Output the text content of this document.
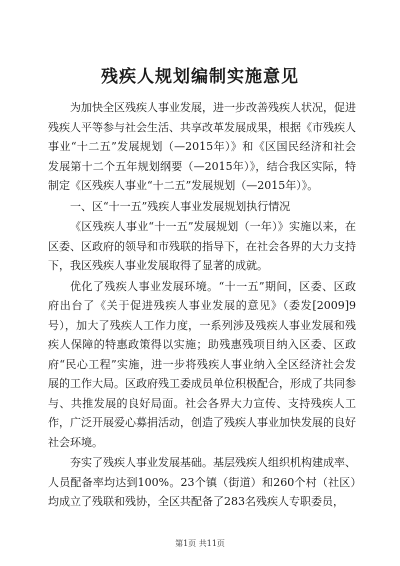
残疾人规划编制实施意见

为加快全区残疾人事业发展，进一步改善残疾人状况，促进残疾人平等参与社会生活、共享改革发展成果，根据《市残疾人事业“十二五”发展规划（—2015年）》和《区国民经济和社会发展第十二个五年规划纲要（—2015年）》，结合我区实际，特制定《区残疾人事业“十二五”发展规划（—2015年）》。

一、区“十一五”残疾人事业发展规划执行情况

《区残疾人事业“十一五”发展规划（一年）》实施以来，在区委、区政府的领导和市残联的指导下，在社会各界的大力支持下，我区残疾人事业发展取得了显著的成就。

优化了残疾人事业发展环境。“十一五”期间，区委、区政府出台了《关于促进残疾人事业发展的意见》（委发[2009]9号），加大了残疾人工作力度，一系列涉及残疾人事业发展和残疾人保障的特惠政策得以实施；助残惠残项目纳入区委、区政府“民心工程”实施，进一步将残疾人事业纳入全区经济社会发展的工作大局。区政府残工委成员单位积极配合，形成了共同参与、共推发展的良好局面。社会各界大力宣传、支持残疾人工作，广泛开展爱心募捐活动，创造了残疾人事业加快发展的良好社会环境。

夯实了残疾人事业发展基础。基层残疾人组织机构建成率、人员配备率均达到100%。23个镇（街道）和260个村（社区）均成立了残联和残协，全区共配备了283名残疾人专职委员，

第1页 共11页
